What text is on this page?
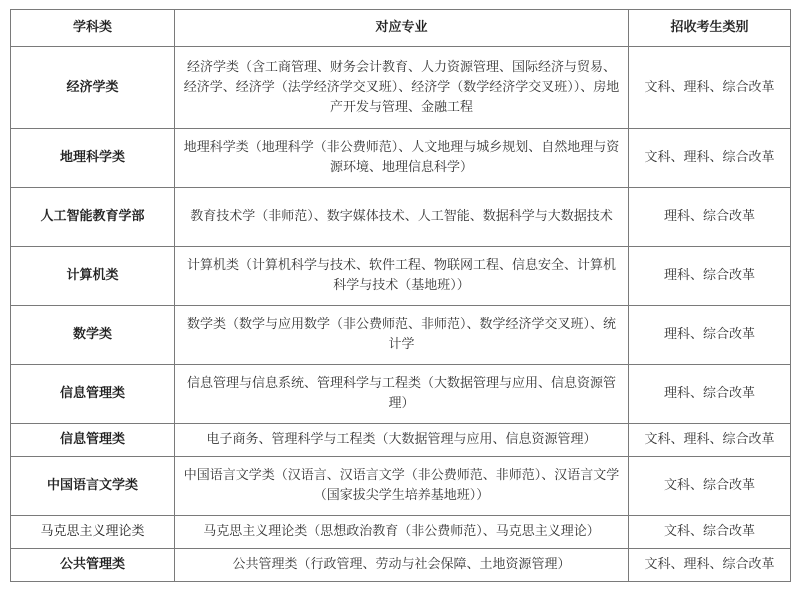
学科类	对应专业	招收考生类别
经济学类	经济学类（含工商管理、财务会计教育、人力资源管理、国际经济与贸易、经济学、经济学（法学经济学交叉班）、经济学（数学经济学交叉班））、房地产开发与管理、金融工程	文科、理科、综合改革
地理科学类	地理科学类（地理科学（非公费师范）、人文地理与城乡规划、自然地理与资源环境、地理信息科学）	文科、理科、综合改革
人工智能教育学部	教育技术学（非师范）、数字媒体技术、人工智能、数据科学与大数据技术	理科、综合改革
计算机类	计算机类（计算机科学与技术、软件工程、物联网工程、信息安全、计算机科学与技术（基地班））	理科、综合改革
数学类	数学类（数学与应用数学（非公费师范、非师范）、数学经济学交叉班）、统计学	理科、综合改革
信息管理类	信息管理与信息系统、管理科学与工程类（大数据管理与应用、信息资源管理）	理科、综合改革
信息管理类	电子商务、管理科学与工程类（大数据管理与应用、信息资源管理）	文科、理科、综合改革
中国语言文学类	中国语言文学类（汉语言、汉语言文学（非公费师范、非师范）、汉语言文学（国家拔尖学生培养基地班））	文科、综合改革
马克思主义理论类	马克思主义理论类（思想政治教育（非公费师范）、马克思主义理论）	文科、综合改革
公共管理类	公共管理类（行政管理、劳动与社会保障、土地资源管理）	文科、理科、综合改革
